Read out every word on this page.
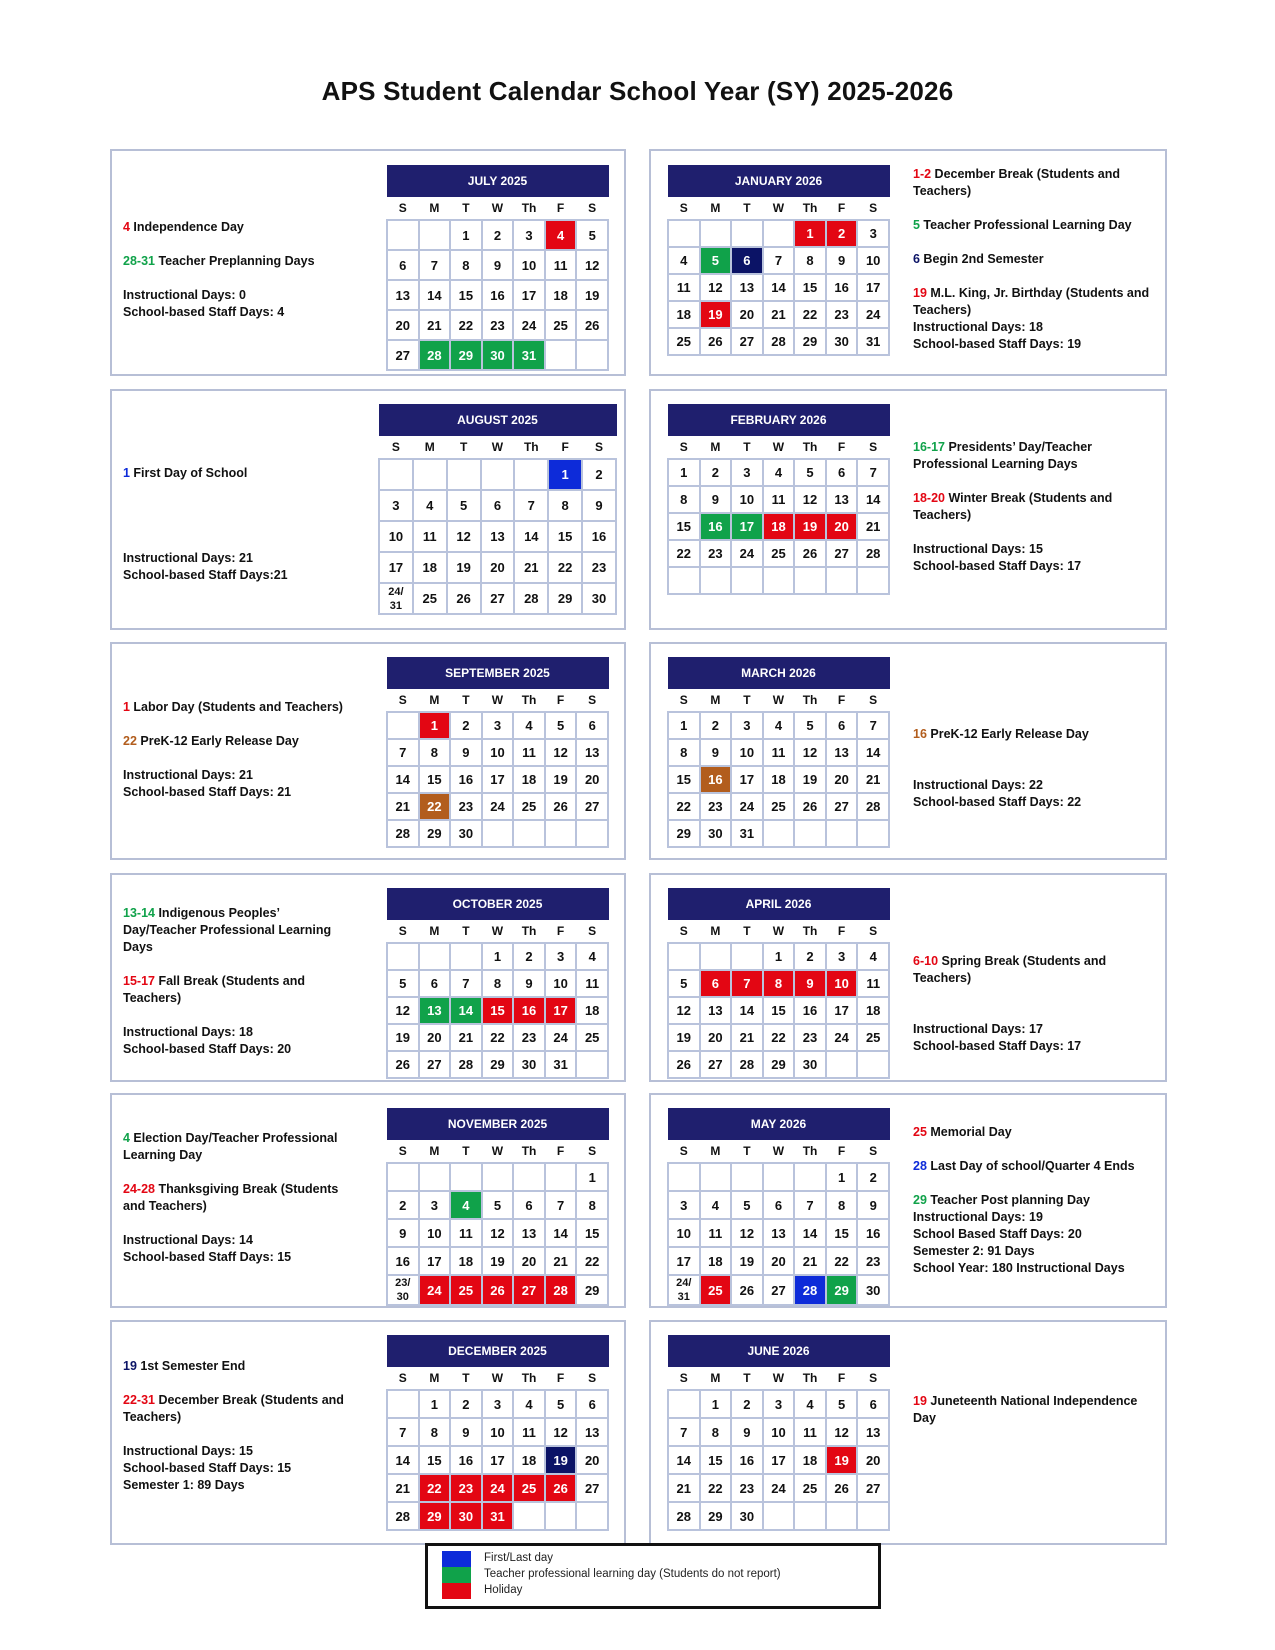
APS Student Calendar School Year (SY) 2025-2026
JULY 2025						
S	M	T	W	Th	F	S
		1	2	3	4	5
6	7	8	9	10	11	12
13	14	15	16	17	18	19
20	21	22	23	24	25	26
27	28	29	30	31		
AUGUST 2025						
S	M	T	W	Th	F	S
					1	2
3	4	5	6	7	8	9
10	11	12	13	14	15	16
17	18	19	20	21	22	23
24/
31	25	26	27	28	29	30
SEPTEMBER 2025						
S	M	T	W	Th	F	S
	1	2	3	4	5	6
7	8	9	10	11	12	13
14	15	16	17	18	19	20
21	22	23	24	25	26	27
28	29	30				
OCTOBER 2025						
S	M	T	W	Th	F	S
			1	2	3	4
5	6	7	8	9	10	11
12	13	14	15	16	17	18
19	20	21	22	23	24	25
26	27	28	29	30	31	
NOVEMBER 2025						
S	M	T	W	Th	F	S
						1
2	3	4	5	6	7	8
9	10	11	12	13	14	15
16	17	18	19	20	21	22
23/
30	24	25	26	27	28	29
DECEMBER 2025						
S	M	T	W	Th	F	S
	1	2	3	4	5	6
7	8	9	10	11	12	13
14	15	16	17	18	19	20
21	22	23	24	25	26	27
28	29	30	31			
JANUARY 2026						
S	M	T	W	Th	F	S
				1	2	3
4	5	6	7	8	9	10
11	12	13	14	15	16	17
18	19	20	21	22	23	24
25	26	27	28	29	30	31
FEBRUARY 2026						
S	M	T	W	Th	F	S
1	2	3	4	5	6	7
8	9	10	11	12	13	14
15	16	17	18	19	20	21
22	23	24	25	26	27	28

MARCH 2026						
S	M	T	W	Th	F	S
1	2	3	4	5	6	7
8	9	10	11	12	13	14
15	16	17	18	19	20	21
22	23	24	25	26	27	28
29	30	31				
APRIL 2026						
S	M	T	W	Th	F	S
			1	2	3	4
5	6	7	8	9	10	11
12	13	14	15	16	17	18
19	20	21	22	23	24	25
26	27	28	29	30		
MAY 2026						
S	M	T	W	Th	F	S
					1	2
3	4	5	6	7	8	9
10	11	12	13	14	15	16
17	18	19	20	21	22	23
24/
31	25	26	27	28	29	30
JUNE 2026						
S	M	T	W	Th	F	S
	1	2	3	4	5	6
7	8	9	10	11	12	13
14	15	16	17	18	19	20
21	22	23	24	25	26	27
28	29	30				

4 Independence Day

28-31 Teacher Preplanning Days

Instructional Days: 0

School-based Staff Days: 4

1 First Day of School

Instructional Days: 21

School-based Staff Days:21

1 Labor Day (Students and Teachers)

22 PreK-12 Early Release Day

Instructional Days: 21

School-based Staff Days: 21

13-14 Indigenous Peoples’ Day/Teacher Professional Learning Days

15-17 Fall Break (Students and Teachers)

Instructional Days: 18

School-based Staff Days: 20

4 Election Day/Teacher Professional Learning Day

24-28 Thanksgiving Break (Students and Teachers)

Instructional Days: 14

School-based Staff Days: 15

19 1st Semester End

22-31 December Break (Students and Teachers)

Instructional Days: 15

School-based Staff Days: 15

Semester 1: 89 Days

1-2 December Break (Students and Teachers)

5 Teacher Professional Learning Day

6 Begin 2nd Semester

19 M.L. King, Jr. Birthday (Students and Teachers)

Instructional Days: 18

School-based Staff Days: 19

16-17 Presidents’ Day/Teacher Professional Learning Days

18-20 Winter Break (Students and Teachers)

Instructional Days: 15

School-based Staff Days: 17

16 PreK-12 Early Release Day

Instructional Days: 22

School-based Staff Days: 22

6-10 Spring Break (Students and Teachers)

Instructional Days: 17

School-based Staff Days: 17

25 Memorial Day

28 Last Day of school/Quarter 4 Ends

29 Teacher Post planning Day

Instructional Days: 19

School Based Staff Days: 20

Semester 2: 91 Days

School Year: 180 Instructional Days

19 Juneteenth National Independence Day

First/Last day
Teacher professional learning day (Students do not report)
Holiday
